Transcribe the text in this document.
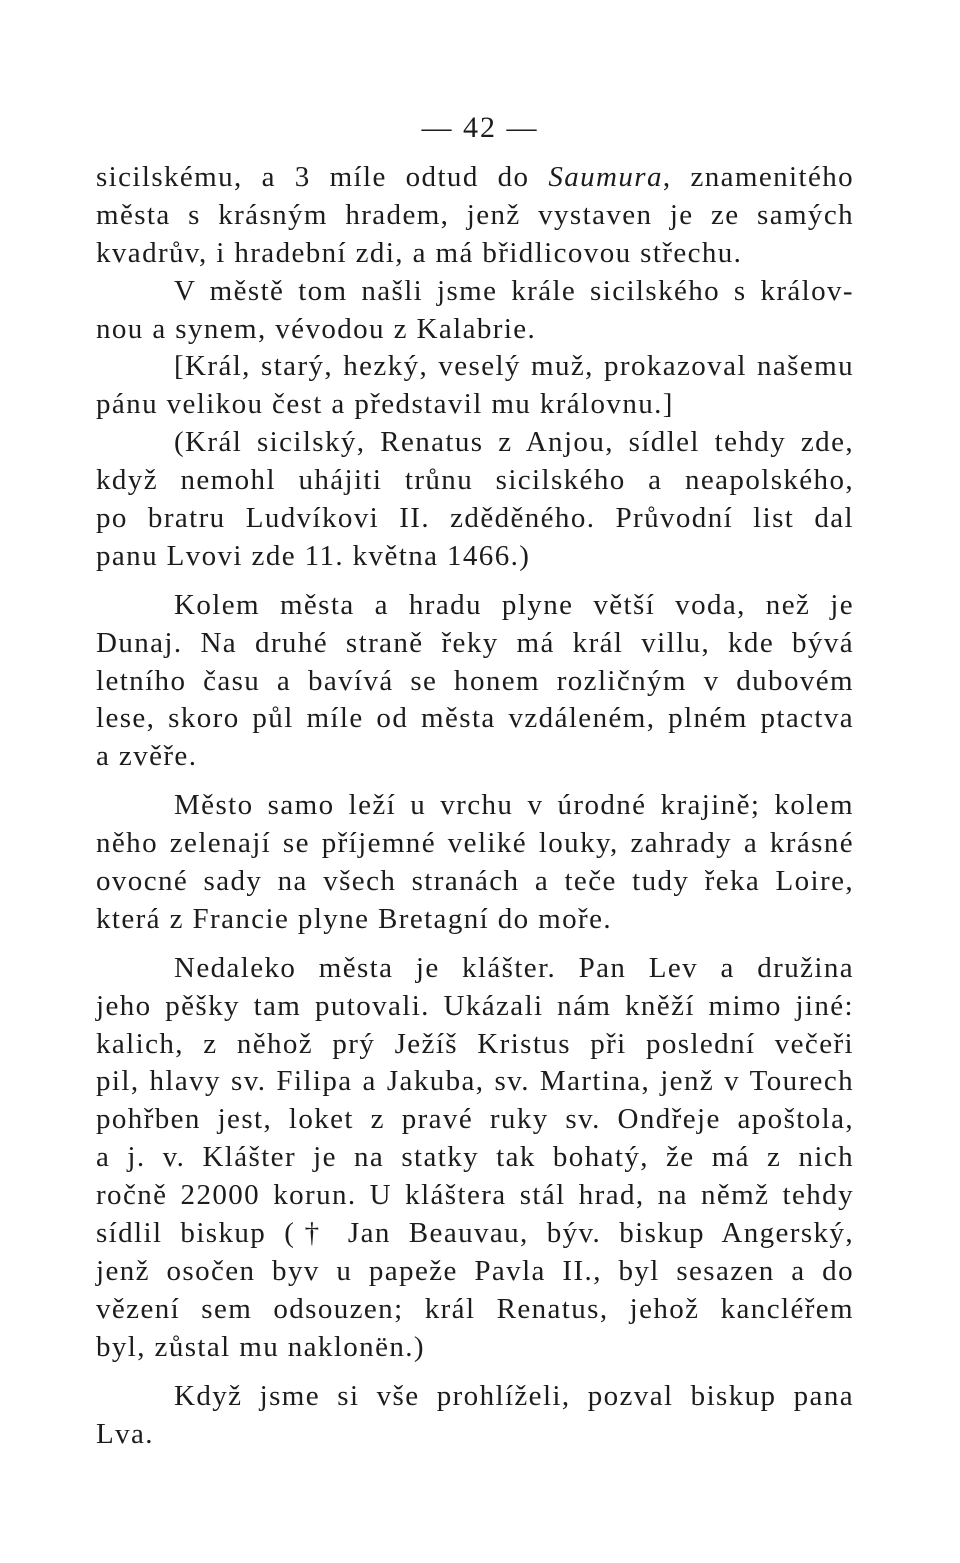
— 42 —
sicilskému, a 3 míle odtud do Saumura, znamenitého
města s krásným hradem, jenž vystaven je ze samých
kvadrův, i hradební zdi, a má břidlicovou střechu.
V městě tom našli jsme krále sicilského s králov-
nou a synem, vévodou z Kalabrie.
[Král, starý, hezký, veselý muž, prokazoval našemu
pánu velikou čest a představil mu královnu.]
(Král sicilský, Renatus z Anjou, sídlel tehdy zde,
když nemohl uhájiti trůnu sicilského a neapolského,
po bratru Ludvíkovi II. zděděného. Průvodní list dal
panu Lvovi zde 11. května 1466.)
Kolem města a hradu plyne větší voda, než je
Dunaj. Na druhé straně řeky má král villu, kde bývá
letního času a bavívá se honem rozličným v dubovém
lese, skoro půl míle od města vzdáleném, plném ptactva
a zvěře.
Město samo leží u vrchu v úrodné krajině; kolem
něho zelenají se příjemné veliké louky, zahrady a krásné
ovocné sady na všech stranách a teče tudy řeka Loire,
která z Francie plyne Bretagní do moře.
Nedaleko města je klášter. Pan Lev a družina
jeho pěšky tam putovali. Ukázali nám kněží mimo jiné:
kalich, z něhož prý Ježíš Kristus při poslední večeři
pil, hlavy sv. Filipa a Jakuba, sv. Martina, jenž v Tourech
pohřben jest, loket z pravé ruky sv. Ondřeje apoštola,
a j. v. Klášter je na statky tak bohatý, že má z nich
ročně 22000 korun. U kláštera stál hrad, na němž tehdy
sídlil biskup († Jan Beauvau, býv. biskup Angerský,
jenž osočen byv u papeže Pavla II., byl sesazen a do
vězení sem odsouzen; král Renatus, jehož kancléřem
byl, zůstal mu naklonën.)
Když jsme si vše prohlíželi, pozval biskup pana
Lva.
